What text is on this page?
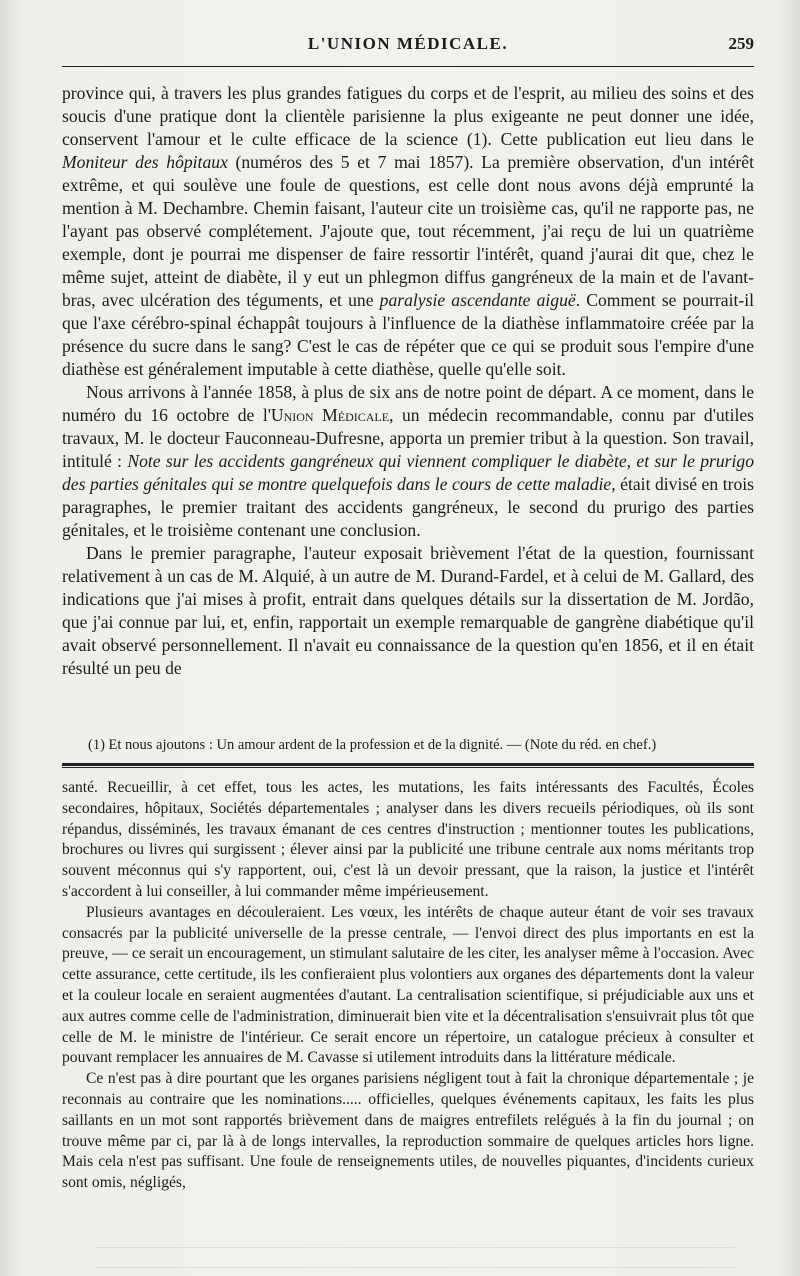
L'UNION MÉDICALE.	259

province qui, à travers les plus grandes fatigues du corps et de l'esprit, au milieu des soins et des soucis d'une pratique dont la clientèle parisienne la plus exigeante ne peut donner une idée, conservent l'amour et le culte efficace de la science (1). Cette publication eut lieu dans le Moniteur des hôpitaux (numéros des 5 et 7 mai 1857). La première observation, d'un intérêt extrême, et qui soulève une foule de questions, est celle dont nous avons déjà emprunté la mention à M. Dechambre. Chemin faisant, l'auteur cite un troisième cas, qu'il ne rapporte pas, ne l'ayant pas observé complétement. J'ajoute que, tout récemment, j'ai reçu de lui un quatrième exemple, dont je pourrai me dispenser de faire ressortir l'intérêt, quand j'aurai dit que, chez le même sujet, atteint de diabète, il y eut un phlegmon diffus gangréneux de la main et de l'avant-bras, avec ulcération des téguments, et une paralysie ascendante aiguë. Comment se pourrait-il que l'axe cérébro-spinal échappât toujours à l'influence de la diathèse inflammatoire créée par la présence du sucre dans le sang? C'est le cas de répéter que ce qui se produit sous l'empire d'une diathèse est généralement imputable à cette diathèse, quelle qu'elle soit.

Nous arrivons à l'année 1858, à plus de six ans de notre point de départ. A ce moment, dans le numéro du 16 octobre de l'Union Médicale, un médecin recommandable, connu par d'utiles travaux, M. le docteur Fauconneau-Dufresne, apporta un premier tribut à la question. Son travail, intitulé : Note sur les accidents gangréneux qui viennent compliquer le diabète, et sur le prurigo des parties génitales qui se montre quelquefois dans le cours de cette maladie, était divisé en trois paragraphes, le premier traitant des accidents gangréneux, le second du prurigo des parties génitales, et le troisième contenant une conclusion.

Dans le premier paragraphe, l'auteur exposait brièvement l'état de la question, fournissant relativement à un cas de M. Alquié, à un autre de M. Durand-Fardel, et à celui de M. Gallard, des indications que j'ai mises à profit, entrait dans quelques détails sur la dissertation de M. Jordão, que j'ai connue par lui, et, enfin, rapportait un exemple remarquable de gangrène diabétique qu'il avait observé personnellement. Il n'avait eu connaissance de la question qu'en 1856, et il en était résulté un peu de

(1) Et nous ajoutons : Un amour ardent de la profession et de la dignité. — (Note du réd. en chef.)

santé. Recueillir, à cet effet, tous les actes, les mutations, les faits intéressants des Facultés, Écoles secondaires, hôpitaux, Sociétés départementales ; analyser dans les divers recueils périodiques, où ils sont répandus, disséminés, les travaux émanant de ces centres d'instruction ; mentionner toutes les publications, brochures ou livres qui surgissent ; élever ainsi par la publicité une tribune centrale aux noms méritants trop souvent méconnus qui s'y rapportent, oui, c'est là un devoir pressant, que la raison, la justice et l'intérêt s'accordent à lui conseiller, à lui commander même impérieusement.

Plusieurs avantages en découleraient. Les vœux, les intérêts de chaque auteur étant de voir ses travaux consacrés par la publicité universelle de la presse centrale, — l'envoi direct des plus importants en est la preuve, — ce serait un encouragement, un stimulant salutaire de les citer, les analyser même à l'occasion. Avec cette assurance, cette certitude, ils les confieraient plus volontiers aux organes des départements dont la valeur et la couleur locale en seraient augmentées d'autant. La centralisation scientifique, si préjudiciable aux uns et aux autres comme celle de l'administration, diminuerait bien vite et la décentralisation s'ensuivrait plus tôt que celle de M. le ministre de l'intérieur. Ce serait encore un répertoire, un catalogue précieux à consulter et pouvant remplacer les annuaires de M. Cavasse si utilement introduits dans la littérature médicale.

Ce n'est pas à dire pourtant que les organes parisiens négligent tout à fait la chronique départementale ; je reconnais au contraire que les nominations..... officielles, quelques événements capitaux, les faits les plus saillants en un mot sont rapportés brièvement dans de maigres entrefilets relégués à la fin du journal ; on trouve même par ci, par là à de longs intervalles, la reproduction sommaire de quelques articles hors ligne. Mais cela n'est pas suffisant. Une foule de renseignements utiles, de nouvelles piquantes, d'incidents curieux sont omis, négligés,
